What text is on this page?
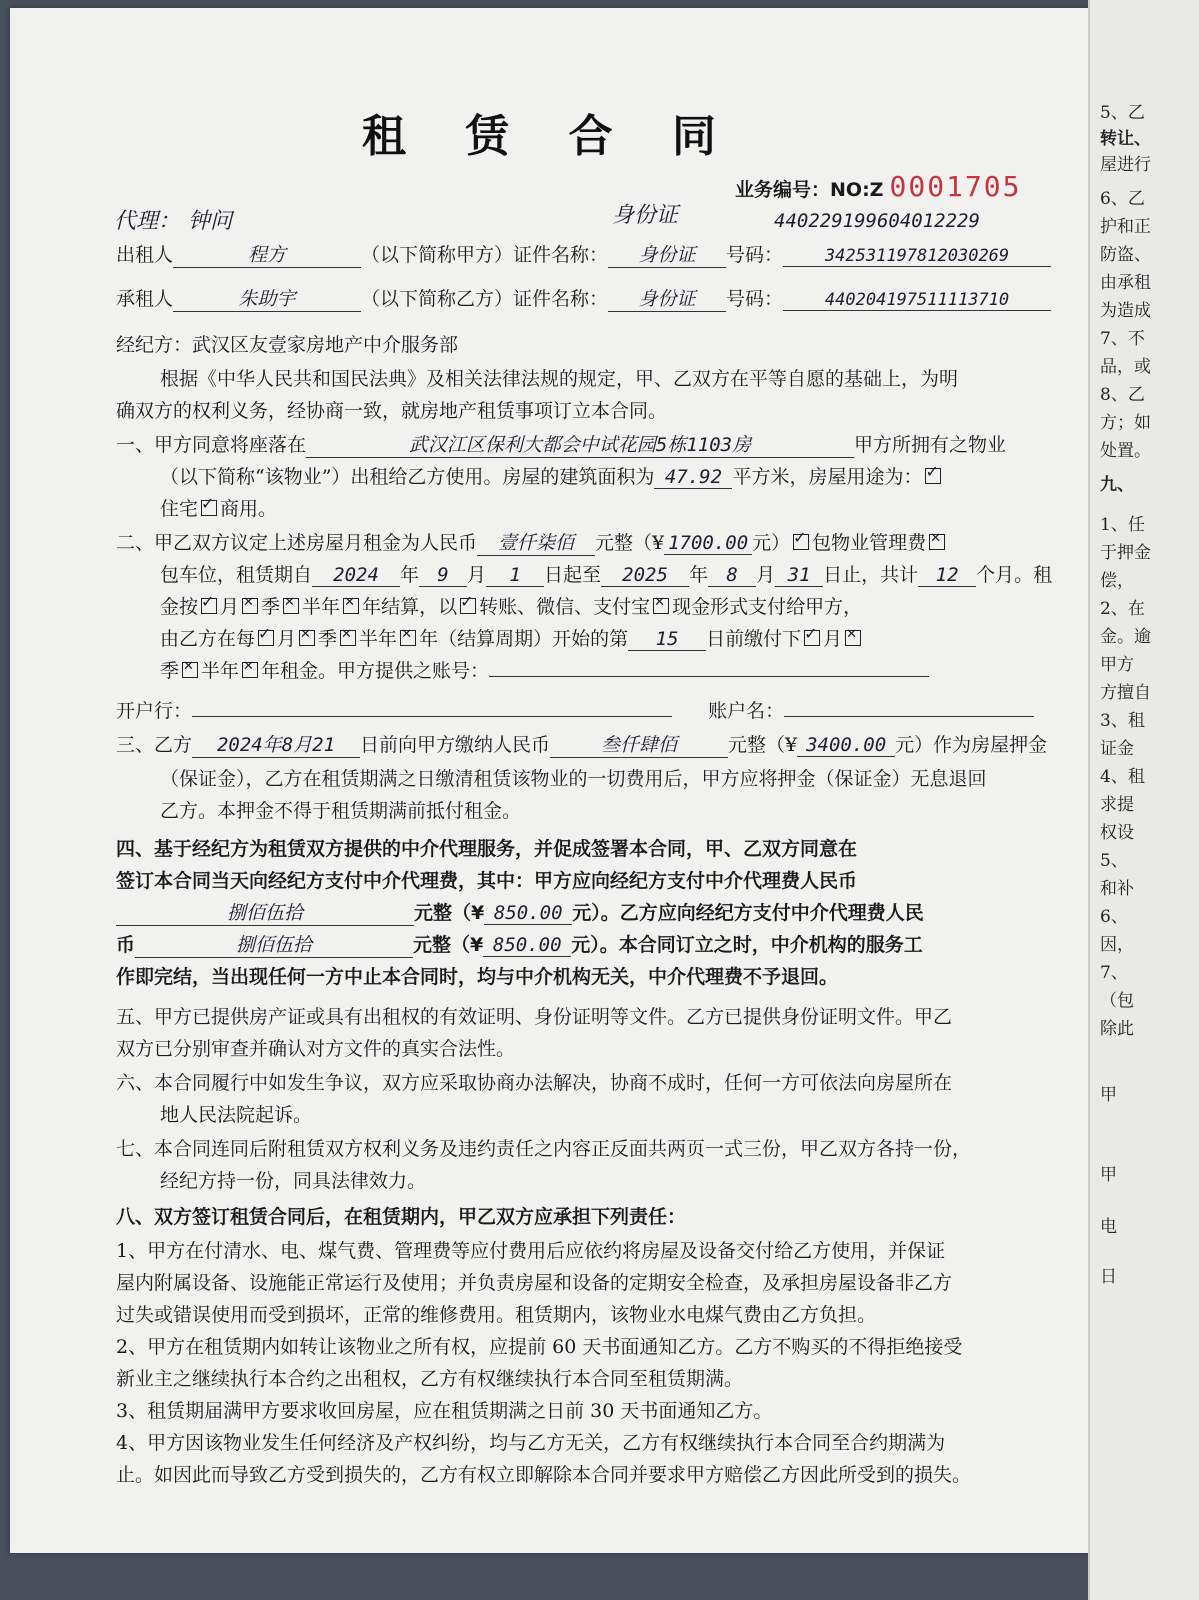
租 赁 合 同
业务编号：NO:Z 0001705
代理： 钟问	身份证	440229199604012229
出租人	程方	（以下简称甲方）证件名称： 身份证 号码： 342531197812030269
承租人	朱助宇	（以下简称乙方）证件名称： 身份证 号码： 440204197511113710
经纪方：武汉区友壹家房地产中介服务部
根据《中华人民共和国民法典》及相关法律法规的规定，甲、乙双方在平等自愿的基础上，为明
确双方的权利义务，经协商一致，就房地产租赁事项订立本合同。
一、甲方同意将座落在	武汉江区保利大都会中试花园5栋1103房	甲方所拥有之物业
（以下简称“该物业”）出租给乙方使用。房屋的建筑面积为 47.92 平方米，房屋用途为：✓
住宅 ✓ 商用。
二、甲乙双方议定上述房屋月租金为人民币 壹仟柒佰 元整（¥ 1700.00 元） ✓ 包物业管理费✕
包车位，租赁期自 2024 年 9 月 1 日起至 2025 年 8 月 31 日止，共计 12 个月。租
金按 ✓ 月 ✕ 季 ✕ 半年 ✕ 年结算，以 ✓ 转账、微信、支付宝 ✕ 现金形式支付给甲方，
由乙方在每 ✓ 月 ✕ 季 ✕ 半年 ✕ 年（结算周期）开始的第 15 日前缴付下 ✓ 月✕
季 ✕ 半年 ✕ 年租金。甲方提供之账号：
开户行：	账户名：
三、乙方 2024年8月21 日前向甲方缴纳人民币	叁仟肆佰	元整（¥ 3400.00 元）作为房屋押金
（保证金），乙方在租赁期满之日缴清租赁该物业的一切费用后，甲方应将押金（保证金）无息退回
乙方。本押金不得于租赁期满前抵付租金。
四、基于经纪方为租赁双方提供的中介代理服务，并促成签署本合同，甲、乙双方同意在
签订本合同当天向经纪方支付中介代理费，其中：甲方应向经纪方支付中介代理费人民币
捌佰伍拾	元整（¥ 850.00 元）。乙方应向经纪方支付中介代理费人民
币	捌佰伍拾	元整（¥ 850.00 元）。本合同订立之时，中介机构的服务工
作即完结，当出现任何一方中止本合同时，均与中介机构无关，中介代理费不予退回。
五、甲方已提供房产证或具有出租权的有效证明、身份证明等文件。乙方已提供身份证明文件。甲乙
双方已分别审查并确认对方文件的真实合法性。
六、本合同履行中如发生争议，双方应采取协商办法解决，协商不成时，任何一方可依法向房屋所在
地人民法院起诉。
七、本合同连同后附租赁双方权利义务及违约责任之内容正反面共两页一式三份，甲乙双方各持一份，
经纪方持一份，同具法律效力。
八、双方签订租赁合同后，在租赁期内，甲乙双方应承担下列责任：
1、甲方在付清水、电、煤气费、管理费等应付费用后应依约将房屋及设备交付给乙方使用，并保证
屋内附属设备、设施能正常运行及使用；并负责房屋和设备的定期安全检查，及承担房屋设备非乙方
过失或错误使用而受到损坏，正常的维修费用。租赁期内，该物业水电煤气费由乙方负担。
2、甲方在租赁期内如转让该物业之所有权，应提前 60 天书面通知乙方。乙方不购买的不得拒绝接受
新业主之继续执行本合约之出租权，乙方有权继续执行本合同至租赁期满。
3、租赁期届满甲方要求收回房屋，应在租赁期满之日前 30 天书面通知乙方。
4、甲方因该物业发生任何经济及产权纠纷，均与乙方无关，乙方有权继续执行本合同至合约期满为
止。如因此而导致乙方受到损失的，乙方有权立即解除本合同并要求甲方赔偿乙方因此所受到的损失。
5、乙
转让、
屋进行
6、乙
护和正
防盗、
由承租
为造成
7、不
品，或
8、乙
方；如
处置。
九、
1、任
于押金
偿，
2、在
金。逾
甲方
方擅自
3、租
证金
4、租
求提
权设
5、
和补
6、
因，
7、
（包
除此
甲
甲
电
日
